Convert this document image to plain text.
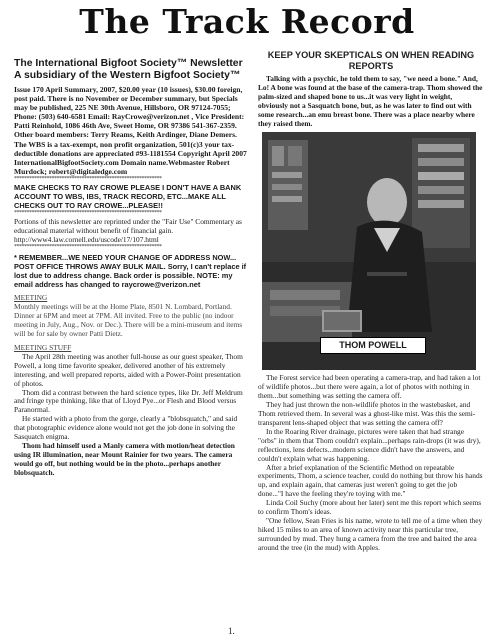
The Track Record

The International Bigfoot Society™ Newsletter A subsidiary of the Western Bigfoot Society™

Issue 170 April Summary, 2007, $20.00 year (10 issues), $30.00 foreign, post paid. There is no November or December summary, but Specials may be published, 225 NE 30th Avenue, Hillsboro, OR 97124-7055; Phone: (503) 640-6581 Email: RayCrowe@verizon.net , Vice President: Patti Reinhold, 1086 46th Ave, Sweet Home, OR 97386 541-367-2359. Other board members: Terry Reams, Keith Ardinger, Diane Demers. The WBS is a tax-exempt, non profit organization, 501(c)3 your tax-deductible donations are appreciated #93-1181554 Copyright April 2007 InternationalBigfootSociety.com Domain name.Webmaster Robert Murdock; robert@digitaledge.com

***********************************************************

MAKE CHECKS TO RAY CROWE PLEASE I DON'T HAVE A BANK ACCOUNT TO WBS, IBS, TRACK RECORD, ETC...MAKE ALL CHECKS OUT TO RAY CROWE...PLEASE!!

***********************************************************

Portions of this newsletter are reprinted under the "Fair Use" Commentary as educational material without benefit of financial gain. http://www4.law.cornell.edu/uscode/17/107.html

***********************************************************

* REMEMBER...WE NEED YOUR CHANGE OF ADDRESS NOW... POST OFFICE THROWS AWAY BULK MAIL. Sorry, I can't replace if lost due to address change. Back order is possible. NOTE: my email address has changed to raycrowe@verizon.net

MEETING

Monthly meetings will be at the Home Plate, 8501 N. Lombard, Portland. Dinner at 6PM and meet at 7PM. All invited. Free to the public (no indoor meeting in July, Aug., Nov. or Dec.). There will be a mini-museum and items will be for sale by owner Patti Dietz.

MEETING STUFF

The April 28th meeting was another full-house as our guest speaker, Thom Powell, a long time favorite speaker, delivered another of his extremely interesting, and well prepared reports, aided with a Power-Point presentation of photos.

Thom did a contrast between the hard science types, like Dr. Jeff Meldrum and fringe type thinking, like that of Lloyd Pye...or Flesh and Blood versus Paranormal.

He started with a photo from the gorge, clearly a "blobsquatch," and said that photographic evidence alone would not get the job done in solving the Sasquatch enigma.

Thom had himself used a Manly camera with motion/heat detection using IR illumination, near Mount Rainier for two years. The camera would go off, but nothing would be in the photo...perhaps another blobsquatch.

KEEP YOUR SKEPTICALS ON WHEN READING REPORTS

Talking with a psychic, he told them to say, "we need a bone." And, Lo! A bone was found at the base of the camera-trap. Thom showed the palm-sized and shaped bone to us...it was very light in weight, obviously not a Sasquatch bone, but, as he was later to find out with some research...an emu breast bone. There was a place nearby where they raised them.

THOM POWELL

The Forest service had been operating a camera-trap, and had taken a lot of wildlife photos...but there were again, a lot of photos with nothing in them...but something was setting the camera off.

They had just thrown the non-wildlife photos in the wastebasket, and Thom retrieved them. In several was a ghost-like mist. Was this the semi-transparent lens-shaped object that was setting the camera off?

In the Roaring River drainage, pictures were taken that had strange "orbs" in them that Thom couldn't explain...perhaps rain-drops (it was dry), reflections, lens defects...modern science didn't have the answers, and couldn't explain what was happening.

After a brief explanation of the Scientific Method on repeatable experiments, Thom, a science teacher, could do nothing but throw his hands up, and explain again, that cameras just weren't going to get the job done..."I have the feeling they're toying with me."

Linda Coil Suchy (more about her later) sent me this report which seems to confirm Thom's ideas.

"One fellow, Sean Fries is his name, wrote to tell me of a time when they hiked 15 miles to an area of known activity near this particular tree, surrounded by mud. They hung a camera from the tree and baited the area around the tree (in the mud) with Apples.

1.
